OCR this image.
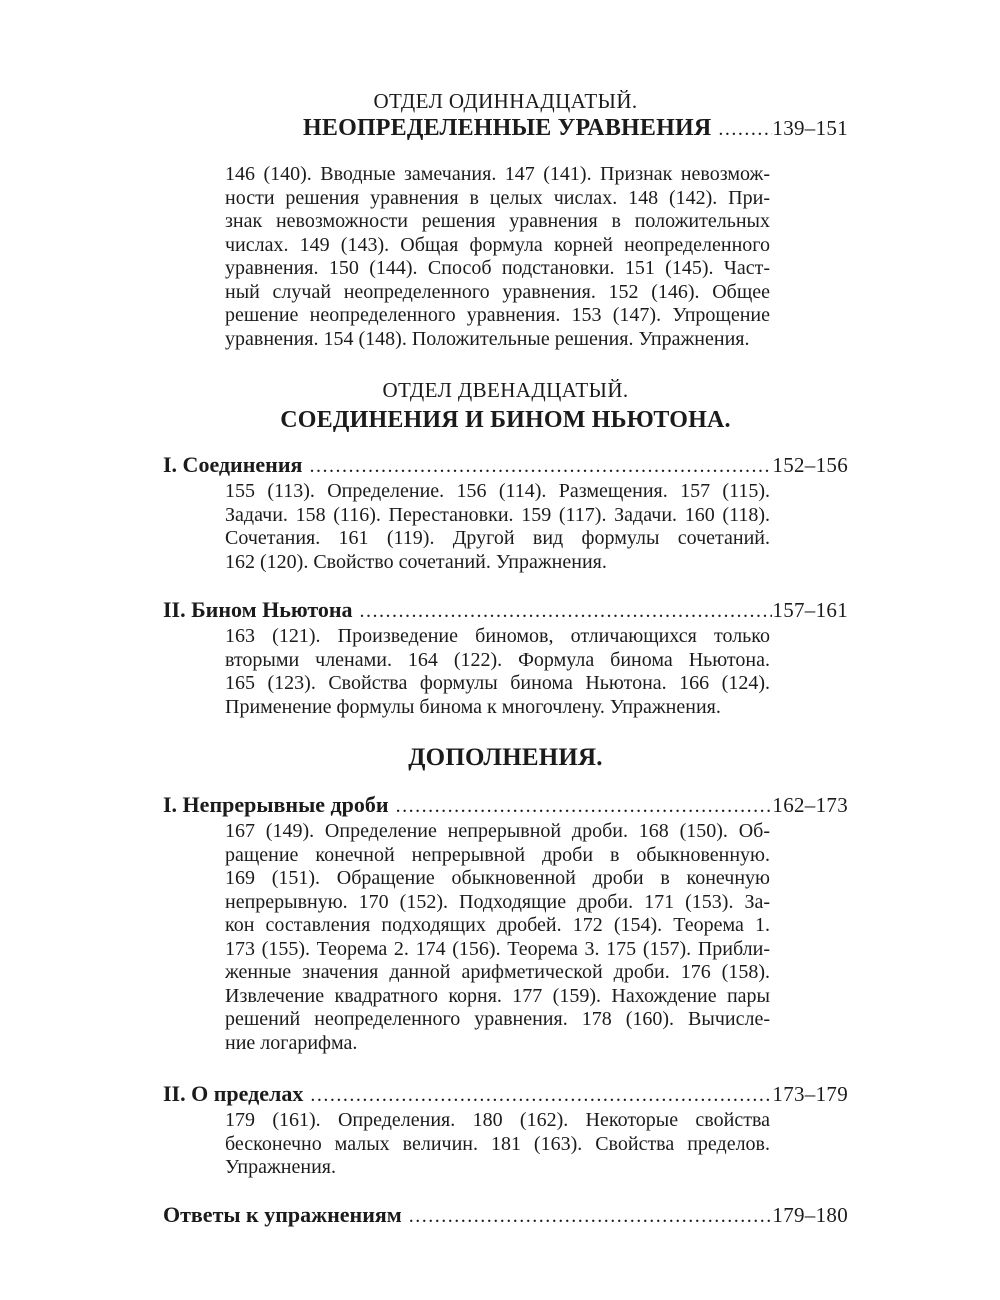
ОТДЕЛ ОДИННАДЦАТЫЙ.
НЕОПРЕДЕЛЕННЫЕ УРАВНЕНИЯ .....	139–151
146 (140). Вводные замечания. 147 (141). Признак невозмож-
ности решения уравнения в целых числах. 148 (142). При-
знак невозможности решения уравнения в положительных
числах. 149 (143). Общая формула корней неопределенного
уравнения. 150 (144). Способ подстановки. 151 (145). Част-
ный случай неопределенного уравнения. 152 (146). Общее
решение неопределенного уравнения. 153 (147). Упрощение
уравнения. 154 (148). Положительные решения. Упражнения.
ОТДЕЛ ДВЕНАДЦАТЫЙ.
СОЕДИНЕНИЯ И БИНОМ НЬЮТОНА.
I. Соединения .....	152–156
155 (113). Определение. 156 (114). Размещения. 157 (115).
Задачи. 158 (116). Перестановки. 159 (117). Задачи. 160 (118).
Сочетания. 161 (119). Другой вид формулы сочетаний.
162 (120). Свойство сочетаний. Упражнения.
II. Бином Ньютона .....	157–161
163 (121). Произведение биномов, отличающихся только
вторыми членами. 164 (122). Формула бинома Ньютона.
165 (123). Свойства формулы бинома Ньютона. 166 (124).
Применение формулы бинома к многочлену. Упражнения.
ДОПОЛНЕНИЯ.
I. Непрерывные дроби .....	162–173
167 (149). Определение непрерывной дроби. 168 (150). Об-
ращение конечной непрерывной дроби в обыкновенную.
169 (151). Обращение обыкновенной дроби в конечную
непрерывную. 170 (152). Подходящие дроби. 171 (153). За-
кон составления подходящих дробей. 172 (154). Теорема 1.
173 (155). Теорема 2. 174 (156). Теорема 3. 175 (157). Прибли-
женные значения данной арифметической дроби. 176 (158).
Извлечение квадратного корня. 177 (159). Нахождение пары
решений неопределенного уравнения. 178 (160). Вычисле-
ние логарифма.
II. О пределах .....	173–179
179 (161). Определения. 180 (162). Некоторые свойства
бесконечно малых величин. 181 (163). Свойства пределов.
Упражнения.
Ответы к упражнениям .....	179–180
